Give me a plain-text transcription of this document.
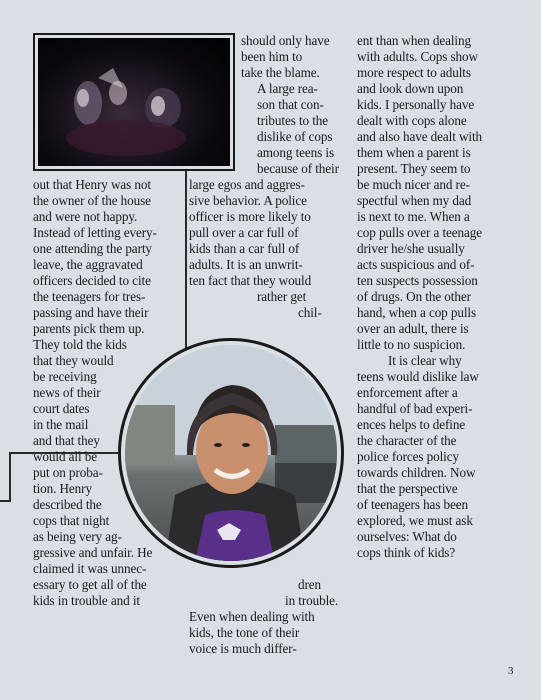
out that Henry was not
the owner of the house
and were not happy.
Instead of letting every-
one attending the party
leave, the aggravated
officers decided to cite
the teenagers for tres-
passing and have their
parents pick them up.
They told the kids
that they would
be receiving
news of their
court dates
in the mail
and that they
would all be
put on proba-
tion. Henry
described the
cops that night
as being very ag-
gressive and unfair. He
claimed it was unnec-
essary to get all of the
kids in trouble and it
should only have
been him to
take the blame.
A large rea-
son that con-
tributes to the
dislike of cops
among teens is
because of their
large egos and aggres-
sive behavior. A police
officer is more likely to
pull over a car full of
kids than a car full of
adults. It is an unwrit-
ten fact that they would
rather get
chil-
dren
in trouble.
Even when dealing with
kids, the tone of their
voice is much differ-
ent than when dealing
with adults. Cops show
more respect to adults
and look down upon
kids. I personally have
dealt with cops alone
and also have dealt with
them when a parent is
present. They seem to
be much nicer and re-
spectful when my dad
is next to me. When a
cop pulls over a teenage
driver he/she usually
acts suspicious and of-
ten suspects possession
of drugs. On the other
hand, when a cop pulls
over an adult, there is
little to no suspicion.
It is clear why
teens would dislike law
enforcement after a
handful of bad experi-
ences helps to define
the character of the
police forces policy
towards children. Now
that the perspective
of teenagers has been
explored, we must ask
ourselves: What do
cops think of kids?
3
